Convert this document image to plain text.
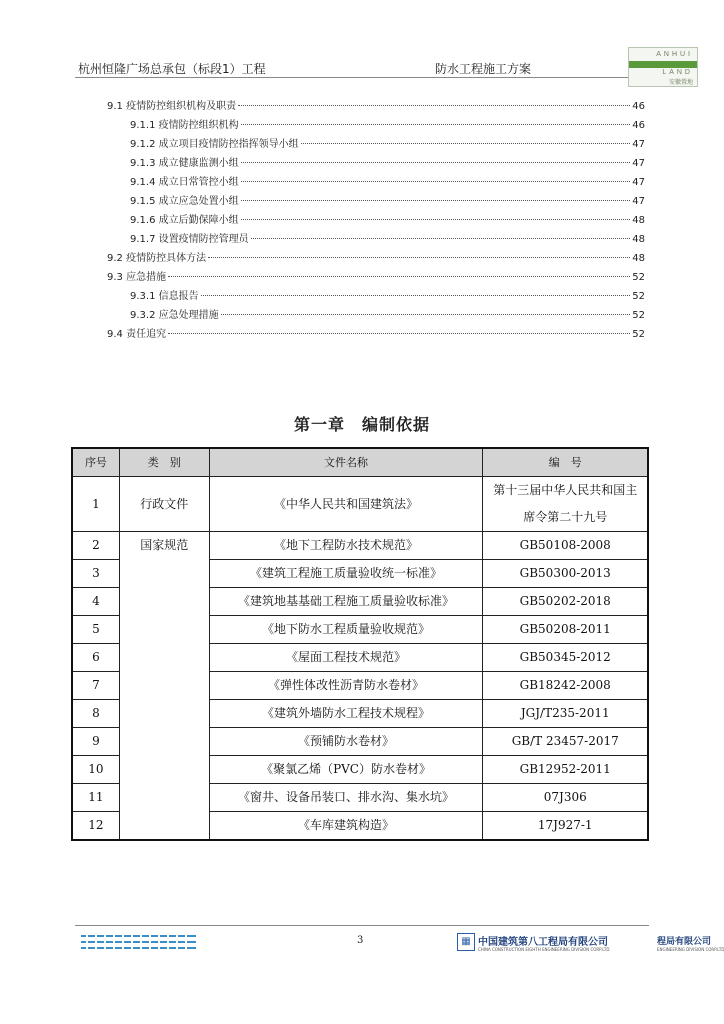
杭州恒隆广场总承包（标段1）工程	防水工程施工方案
ANHUI
LAND
安徽置地
9.1 疫情防控组织机构及职责	46
9.1.1 疫情防控组织机构	46
9.1.2 成立项目疫情防控指挥领导小组	47
9.1.3 成立健康监测小组	47
9.1.4 成立日常管控小组	47
9.1.5 成立应急处置小组	47
9.1.6 成立后勤保障小组	48
9.1.7 设置疫情防控管理员	48
9.2 疫情防控具体方法	48
9.3 应急措施	52
9.3.1 信息报告	52
9.3.2 应急处理措施	52
9.4 责任追究	52
第一章　编制依据
序号	类　别	文件名称	编　号
1	行政文件	《中华人民共和国建筑法》	第十三届中华人民共和国主席令第二十九号
2	国家规范	《地下工程防水技术规范》	GB50108-2008
3		《建筑工程施工质量验收统一标准》	GB50300-2013
4		《建筑地基基础工程施工质量验收标准》	GB50202-2018
5		《地下防水工程质量验收规范》	GB50208-2011
6		《屋面工程技术规范》	GB50345-2012
7		《弹性体改性沥青防水卷材》	GB18242-2008
8		《建筑外墙防水工程技术规程》	JGJ/T235-2011
9		《预铺防水卷材》	GB/T 23457-2017
10		《聚氯乙烯（PVC）防水卷材》	GB12952-2011
11		《窗井、设备吊装口、排水沟、集水坑》	07J306
12		《车库建筑构造》	17J927-1
3	▦ 中国建筑第八工程局有限公司	程局有限公司
CHINA CONSTRUCTION EIGHTH ENGINEERING DIVISION CORP.LTD	ENGINEERING DIVISION CORP.LTD
